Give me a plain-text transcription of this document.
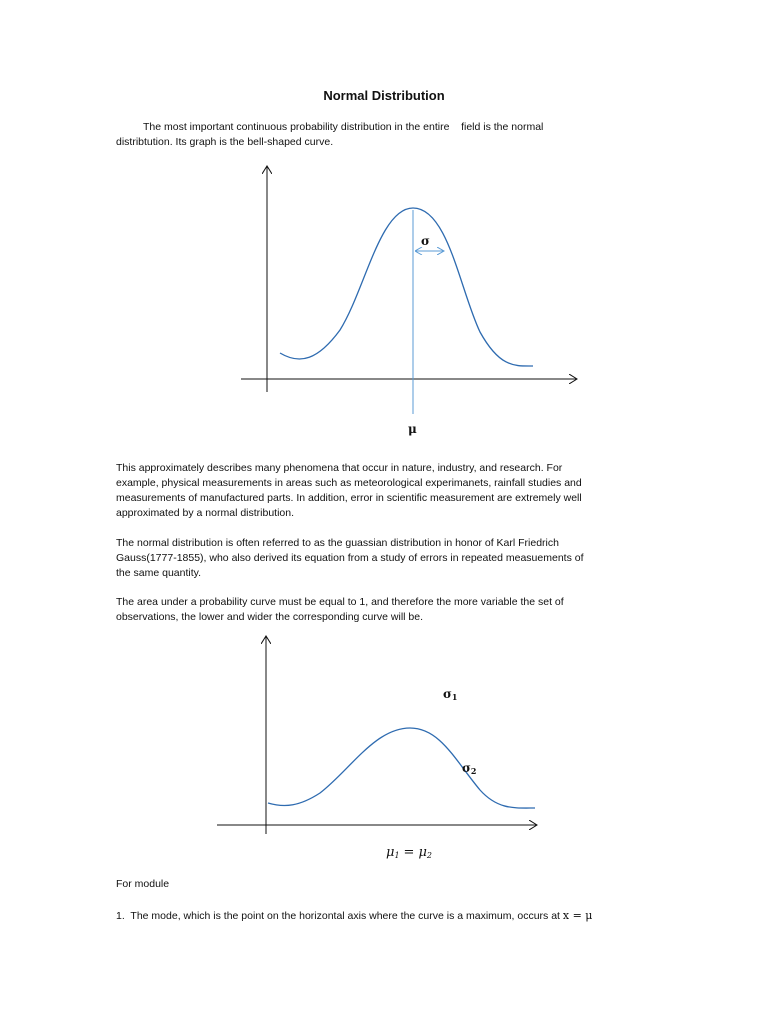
Normal Distribution
The most important continuous probability distribution in the entire    field is the normal
distribtution. Its graph is the bell-shaped curve.
σ
μ
This approximately describes many phenomena that occur in nature, industry, and research. For
example, physical measurements in areas such as meteorological experimanets, rainfall studies and
measurements of manufactured parts. In addition, error in scientific measurement are extremely well
approximated by a normal distribution.
The normal distribution is often referred to as the guassian distribution in honor of Karl Friedrich
Gauss(1777-1855), who also derived its equation from a study of errors in repeated measuements of
the same quantity.
The area under a probability curve must be equal to 1, and therefore the more variable the set of
observations, the lower and wider the corresponding curve will be.
σ1
σ2
μ1 = μ2
For module
1. The mode, which is the point on the horizontal axis where the curve is a maximum, occurs at x = μ
